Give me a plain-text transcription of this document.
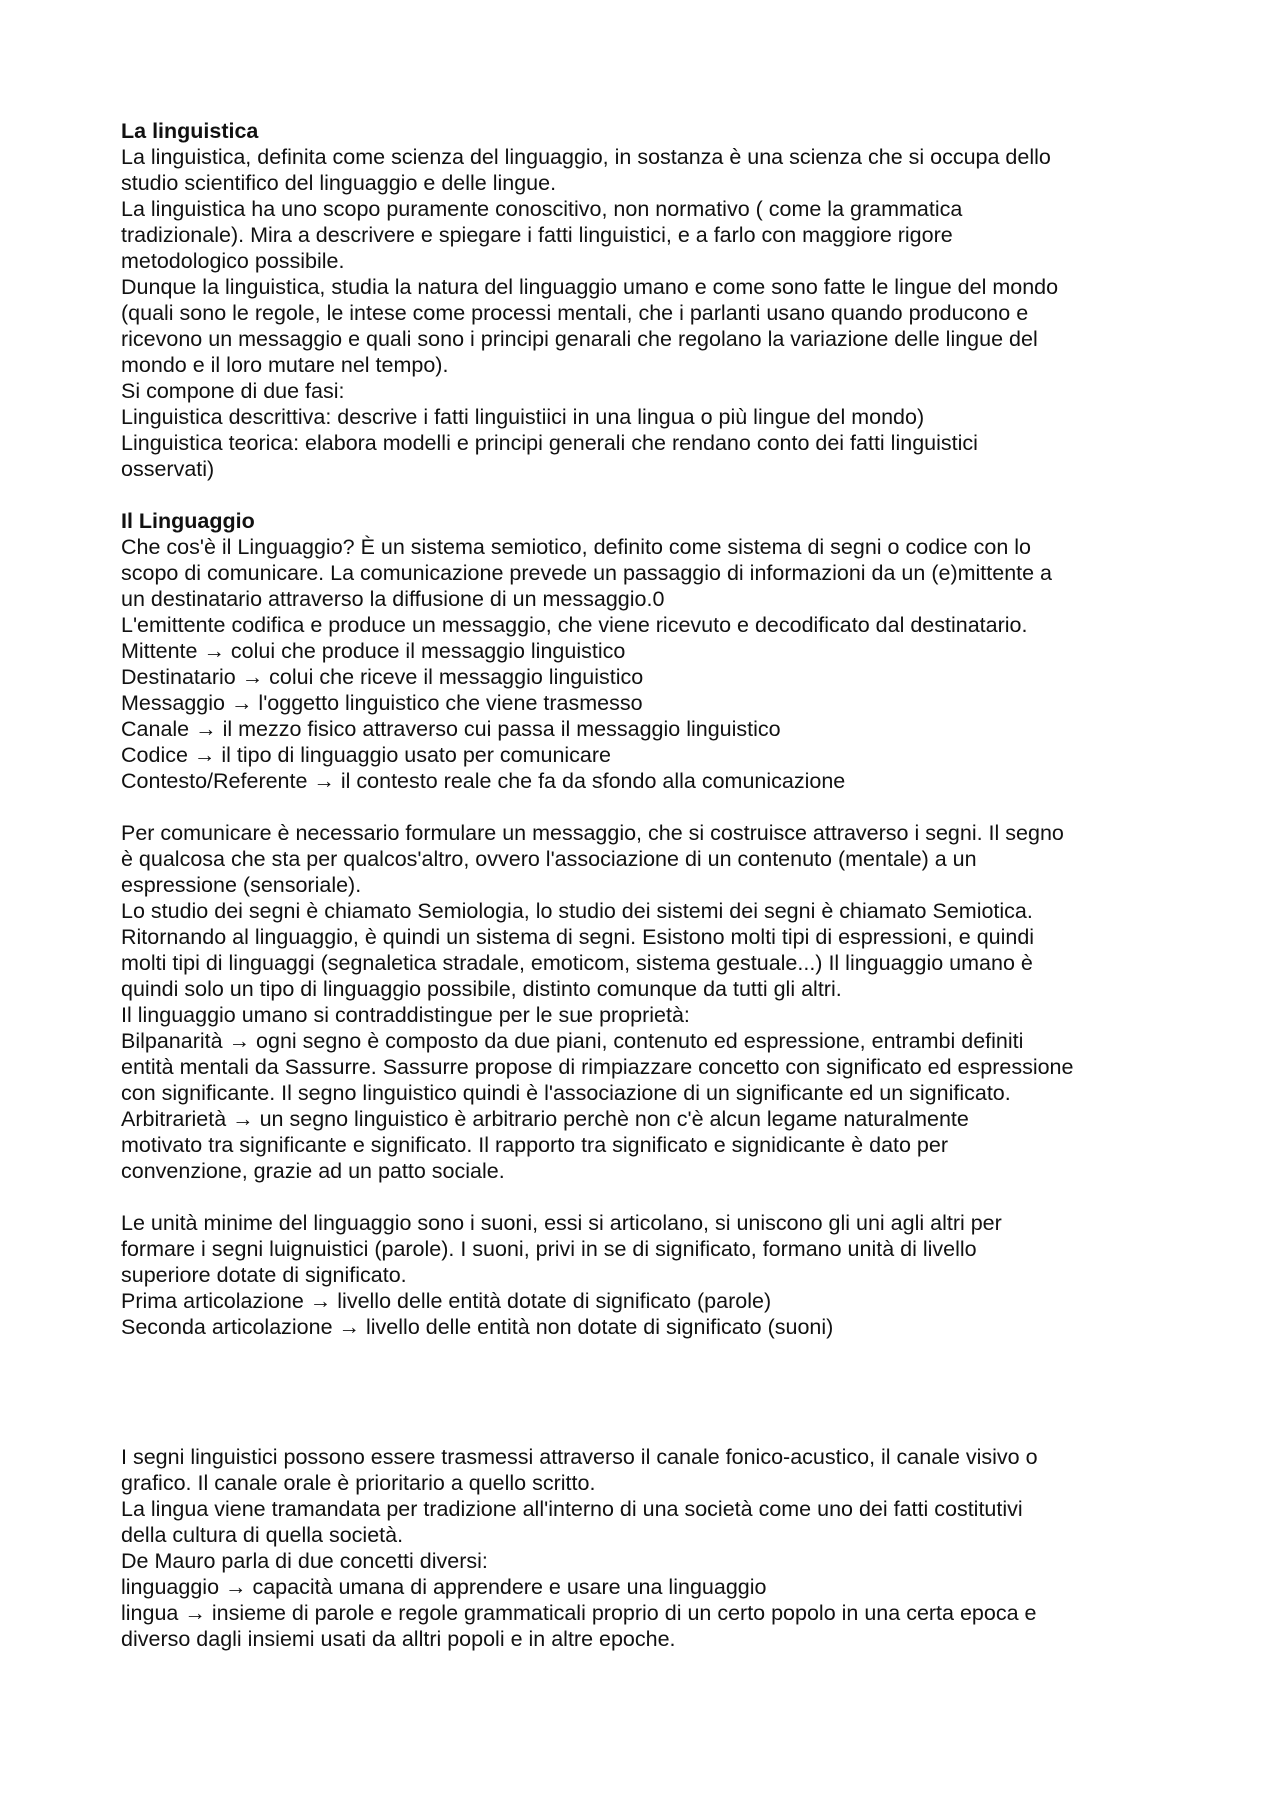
La linguistica
La linguistica, definita come scienza del linguaggio, in sostanza è una scienza che si occupa dello
studio scientifico del linguaggio e delle lingue.
La linguistica ha uno scopo puramente conoscitivo, non normativo ( come la grammatica
tradizionale). Mira a descrivere e spiegare i fatti linguistici, e a farlo con maggiore rigore
metodologico possibile.
Dunque la linguistica, studia la natura del linguaggio umano e come sono fatte le lingue del mondo
(quali sono le regole, le intese come processi mentali, che i parlanti usano quando producono e
ricevono un messaggio e quali sono i principi genarali che regolano la variazione delle lingue del
mondo e il loro mutare nel tempo).
Si compone di due fasi:
Linguistica descrittiva: descrive i fatti linguistiici in una lingua o più lingue del mondo)
Linguistica teorica: elabora modelli e principi generali che rendano conto dei fatti linguistici
osservati)
Il Linguaggio
Che cos'è il Linguaggio? È un sistema semiotico, definito come sistema di segni o codice con lo
scopo di comunicare. La comunicazione prevede un passaggio di informazioni da un (e)mittente a
un destinatario attraverso la diffusione di un messaggio.0
L'emittente codifica e produce un messaggio, che viene ricevuto e decodificato dal destinatario.
Mittente → colui che produce il messaggio linguistico
Destinatario → colui che riceve il messaggio linguistico
Messaggio → l'oggetto linguistico che viene trasmesso
Canale → il mezzo fisico attraverso cui passa il messaggio linguistico
Codice → il tipo di linguaggio usato per comunicare
Contesto/Referente → il contesto reale che fa da sfondo alla comunicazione
Per comunicare è necessario formulare un messaggio, che si costruisce attraverso i segni. Il segno
è qualcosa che sta per qualcos'altro, ovvero l'associazione di un contenuto (mentale) a un
espressione (sensoriale).
Lo studio dei segni è chiamato Semiologia, lo studio dei sistemi dei segni è chiamato Semiotica.
Ritornando al linguaggio, è quindi un sistema di segni. Esistono molti tipi di espressioni, e quindi
molti tipi di linguaggi (segnaletica stradale, emoticom, sistema gestuale...) Il linguaggio umano è
quindi solo un tipo di linguaggio possibile, distinto comunque da tutti gli altri.
Il linguaggio umano si contraddistingue per le sue proprietà:
Bilpanarità → ogni segno è composto da due piani, contenuto ed espressione, entrambi definiti
entità mentali da Sassurre. Sassurre propose di rimpiazzare concetto con significato ed espressione
con significante. Il segno linguistico quindi è l'associazione di un significante ed un significato.
Arbitrarietà → un segno linguistico è arbitrario perchè non c'è alcun legame naturalmente
motivato tra significante e significato. Il rapporto tra significato e signidicante è dato per
convenzione, grazie ad un patto sociale.
Le unità minime del linguaggio sono i suoni, essi si articolano, si uniscono gli uni agli altri per
formare i segni luignuistici (parole). I suoni, privi in se di significato, formano unità di livello
superiore dotate di significato.
Prima articolazione → livello delle entità dotate di significato (parole)
Seconda articolazione → livello delle entità non dotate di significato (suoni)
I segni linguistici possono essere trasmessi attraverso il canale fonico-acustico, il canale visivo o
grafico. Il canale orale è prioritario a quello scritto.
La lingua viene tramandata per tradizione all'interno di una società come uno dei fatti costitutivi
della cultura di quella società.
De Mauro parla di due concetti diversi:
linguaggio → capacità umana di apprendere e usare una linguaggio
lingua → insieme di parole e regole grammaticali proprio di un certo popolo in una certa epoca e
diverso dagli insiemi usati da alltri popoli e in altre epoche.
